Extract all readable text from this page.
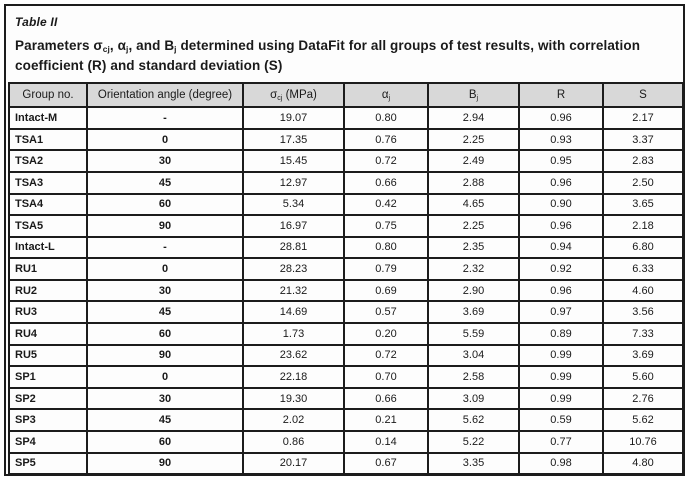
Table II
Parameters $\sigma_{cj}$, $\alpha_j$, and $B_j$ determined using DataFit for all groups of test results, with correlation coefficient (R) and standard deviation (S)
Group no.	Orientation angle (degree)	$\sigma_{cj}$ (MPa)	$\alpha_j$	$B_j$	R	S
Intact-M	-	19.07	0.80	2.94	0.96	2.17
TSA1	0	17.35	0.76	2.25	0.93	3.37
TSA2	30	15.45	0.72	2.49	0.95	2.83
TSA3	45	12.97	0.66	2.88	0.96	2.50
TSA4	60	5.34	0.42	4.65	0.90	3.65
TSA5	90	16.97	0.75	2.25	0.96	2.18
Intact-L	-	28.81	0.80	2.35	0.94	6.80
RU1	0	28.23	0.79	2.32	0.92	6.33
RU2	30	21.32	0.69	2.90	0.96	4.60
RU3	45	14.69	0.57	3.69	0.97	3.56
RU4	60	1.73	0.20	5.59	0.89	7.33
RU5	90	23.62	0.72	3.04	0.99	3.69
SP1	0	22.18	0.70	2.58	0.99	5.60
SP2	30	19.30	0.66	3.09	0.99	2.76
SP3	45	2.02	0.21	5.62	0.59	5.62
SP4	60	0.86	0.14	5.22	0.77	10.76
SP5	90	20.17	0.67	3.35	0.98	4.80
